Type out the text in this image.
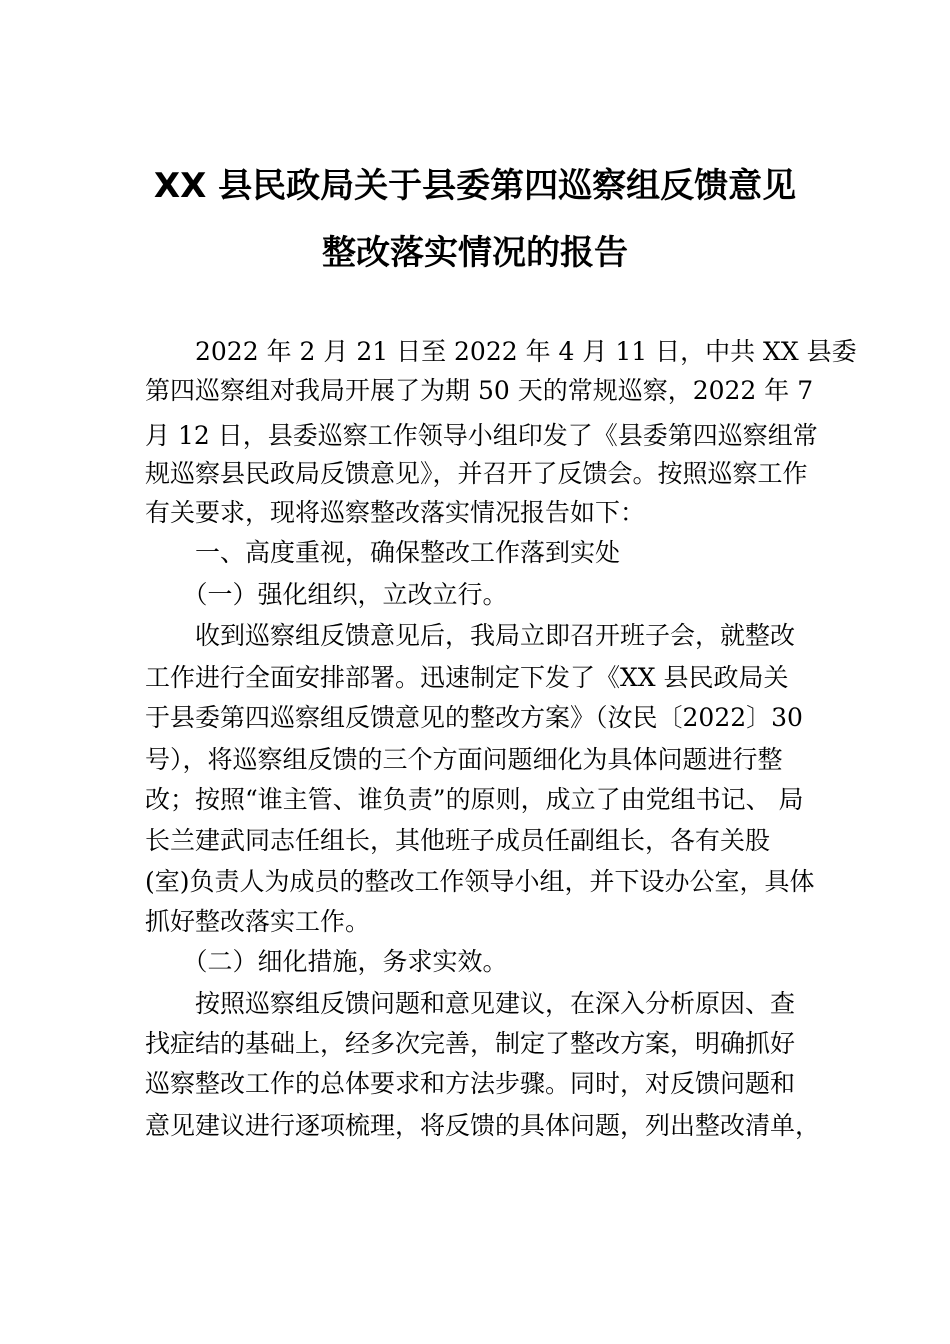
XX 县民政局关于县委第四巡察组反馈意见
整改落实情况的报告
　　2022 年 2 月 21 日至 2022 年 4 月 11 日，中共 XX 县委
第四巡察组对我局开展了为期 50 天的常规巡察，2022 年 7
月 12 日，县委巡察工作领导小组印发了《县委第四巡察组常
规巡察县民政局反馈意见》，并召开了反馈会。按照巡察工作
有关要求，现将巡察整改落实情况报告如下：
　　一、高度重视，确保整改工作落到实处
　　（一）强化组织，立改立行。
　　收到巡察组反馈意见后，我局立即召开班子会，就整改
工作进行全面安排部署。迅速制定下发了《XX 县民政局关
于县委第四巡察组反馈意见的整改方案》（汝民〔2022〕30
号），将巡察组反馈的三个方面问题细化为具体问题进行整
改；按照“谁主管、谁负责”的原则，成立了由党组书记、 局
长兰建武同志任组长，其他班子成员任副组长，各有关股
(室)负责人为成员的整改工作领导小组，并下设办公室，具体
抓好整改落实工作。
　　（二）细化措施，务求实效。
　　按照巡察组反馈问题和意见建议，在深入分析原因、查
找症结的基础上，经多次完善，制定了整改方案，明确抓好
巡察整改工作的总体要求和方法步骤。同时，对反馈问题和
意见建议进行逐项梳理，将反馈的具体问题，列出整改清单，
